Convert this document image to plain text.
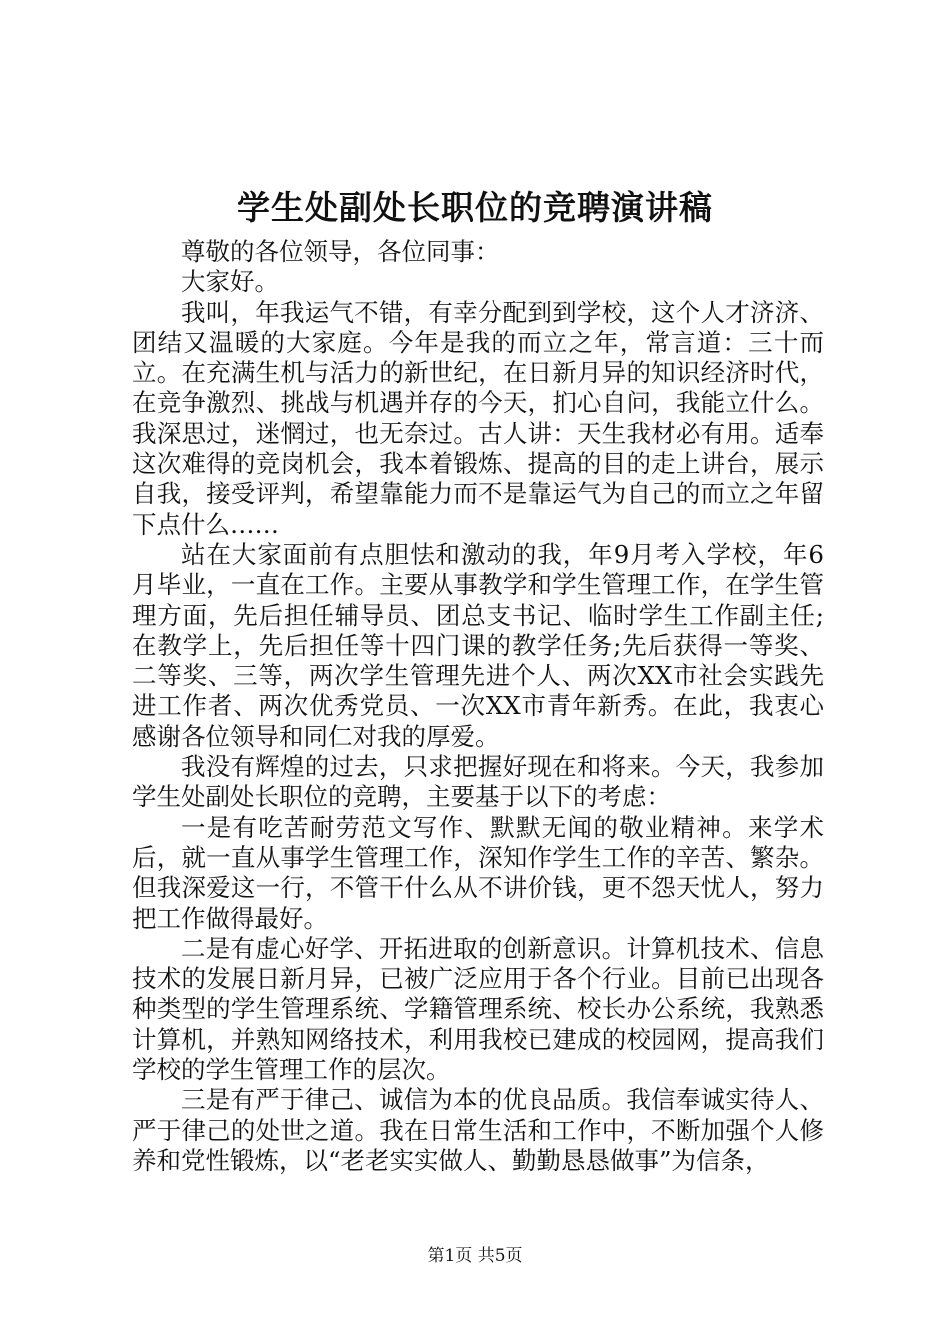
学生处副处长职位的竞聘演讲稿

尊敬的各位领导，各位同事：

大家好。

我叫，年我运气不错，有幸分配到到学校，这个人才济济、团结又温暖的大家庭。今年是我的而立之年，常言道：三十而立。在充满生机与活力的新世纪，在日新月异的知识经济时代，在竞争激烈、挑战与机遇并存的今天，扪心自问，我能立什么。我深思过，迷惘过，也无奈过。古人讲：天生我材必有用。适奉这次难得的竞岗机会，我本着锻炼、提高的目的走上讲台，展示自我，接受评判，希望靠能力而不是靠运气为自己的而立之年留下点什么……

站在大家面前有点胆怯和激动的我，年9月考入学校，年6月毕业，一直在工作。主要从事教学和学生管理工作，在学生管理方面，先后担任辅导员、团总支书记、临时学生工作副主任;在教学上，先后担任等十四门课的教学任务;先后获得一等奖、二等奖、三等，两次学生管理先进个人、两次XX市社会实践先进工作者、两次优秀党员、一次XX市青年新秀。在此，我衷心感谢各位领导和同仁对我的厚爱。

我没有辉煌的过去，只求把握好现在和将来。今天，我参加学生处副处长职位的竞聘，主要基于以下的考虑：

一是有吃苦耐劳范文写作、默默无闻的敬业精神。来学术后，就一直从事学生管理工作，深知作学生工作的辛苦、繁杂。但我深爱这一行，不管干什么从不讲价钱，更不怨天忧人，努力把工作做得最好。

二是有虚心好学、开拓进取的创新意识。计算机技术、信息技术的发展日新月异，已被广泛应用于各个行业。目前已出现各种类型的学生管理系统、学籍管理系统、校长办公系统，我熟悉计算机，并熟知网络技术，利用我校已建成的校园网，提高我们学校的学生管理工作的层次。

三是有严于律己、诚信为本的优良品质。我信奉诚实待人、严于律己的处世之道。我在日常生活和工作中，不断加强个人修养和党性锻炼，以“老老实实做人、勤勤恳恳做事”为信条，

第1页 共5页
